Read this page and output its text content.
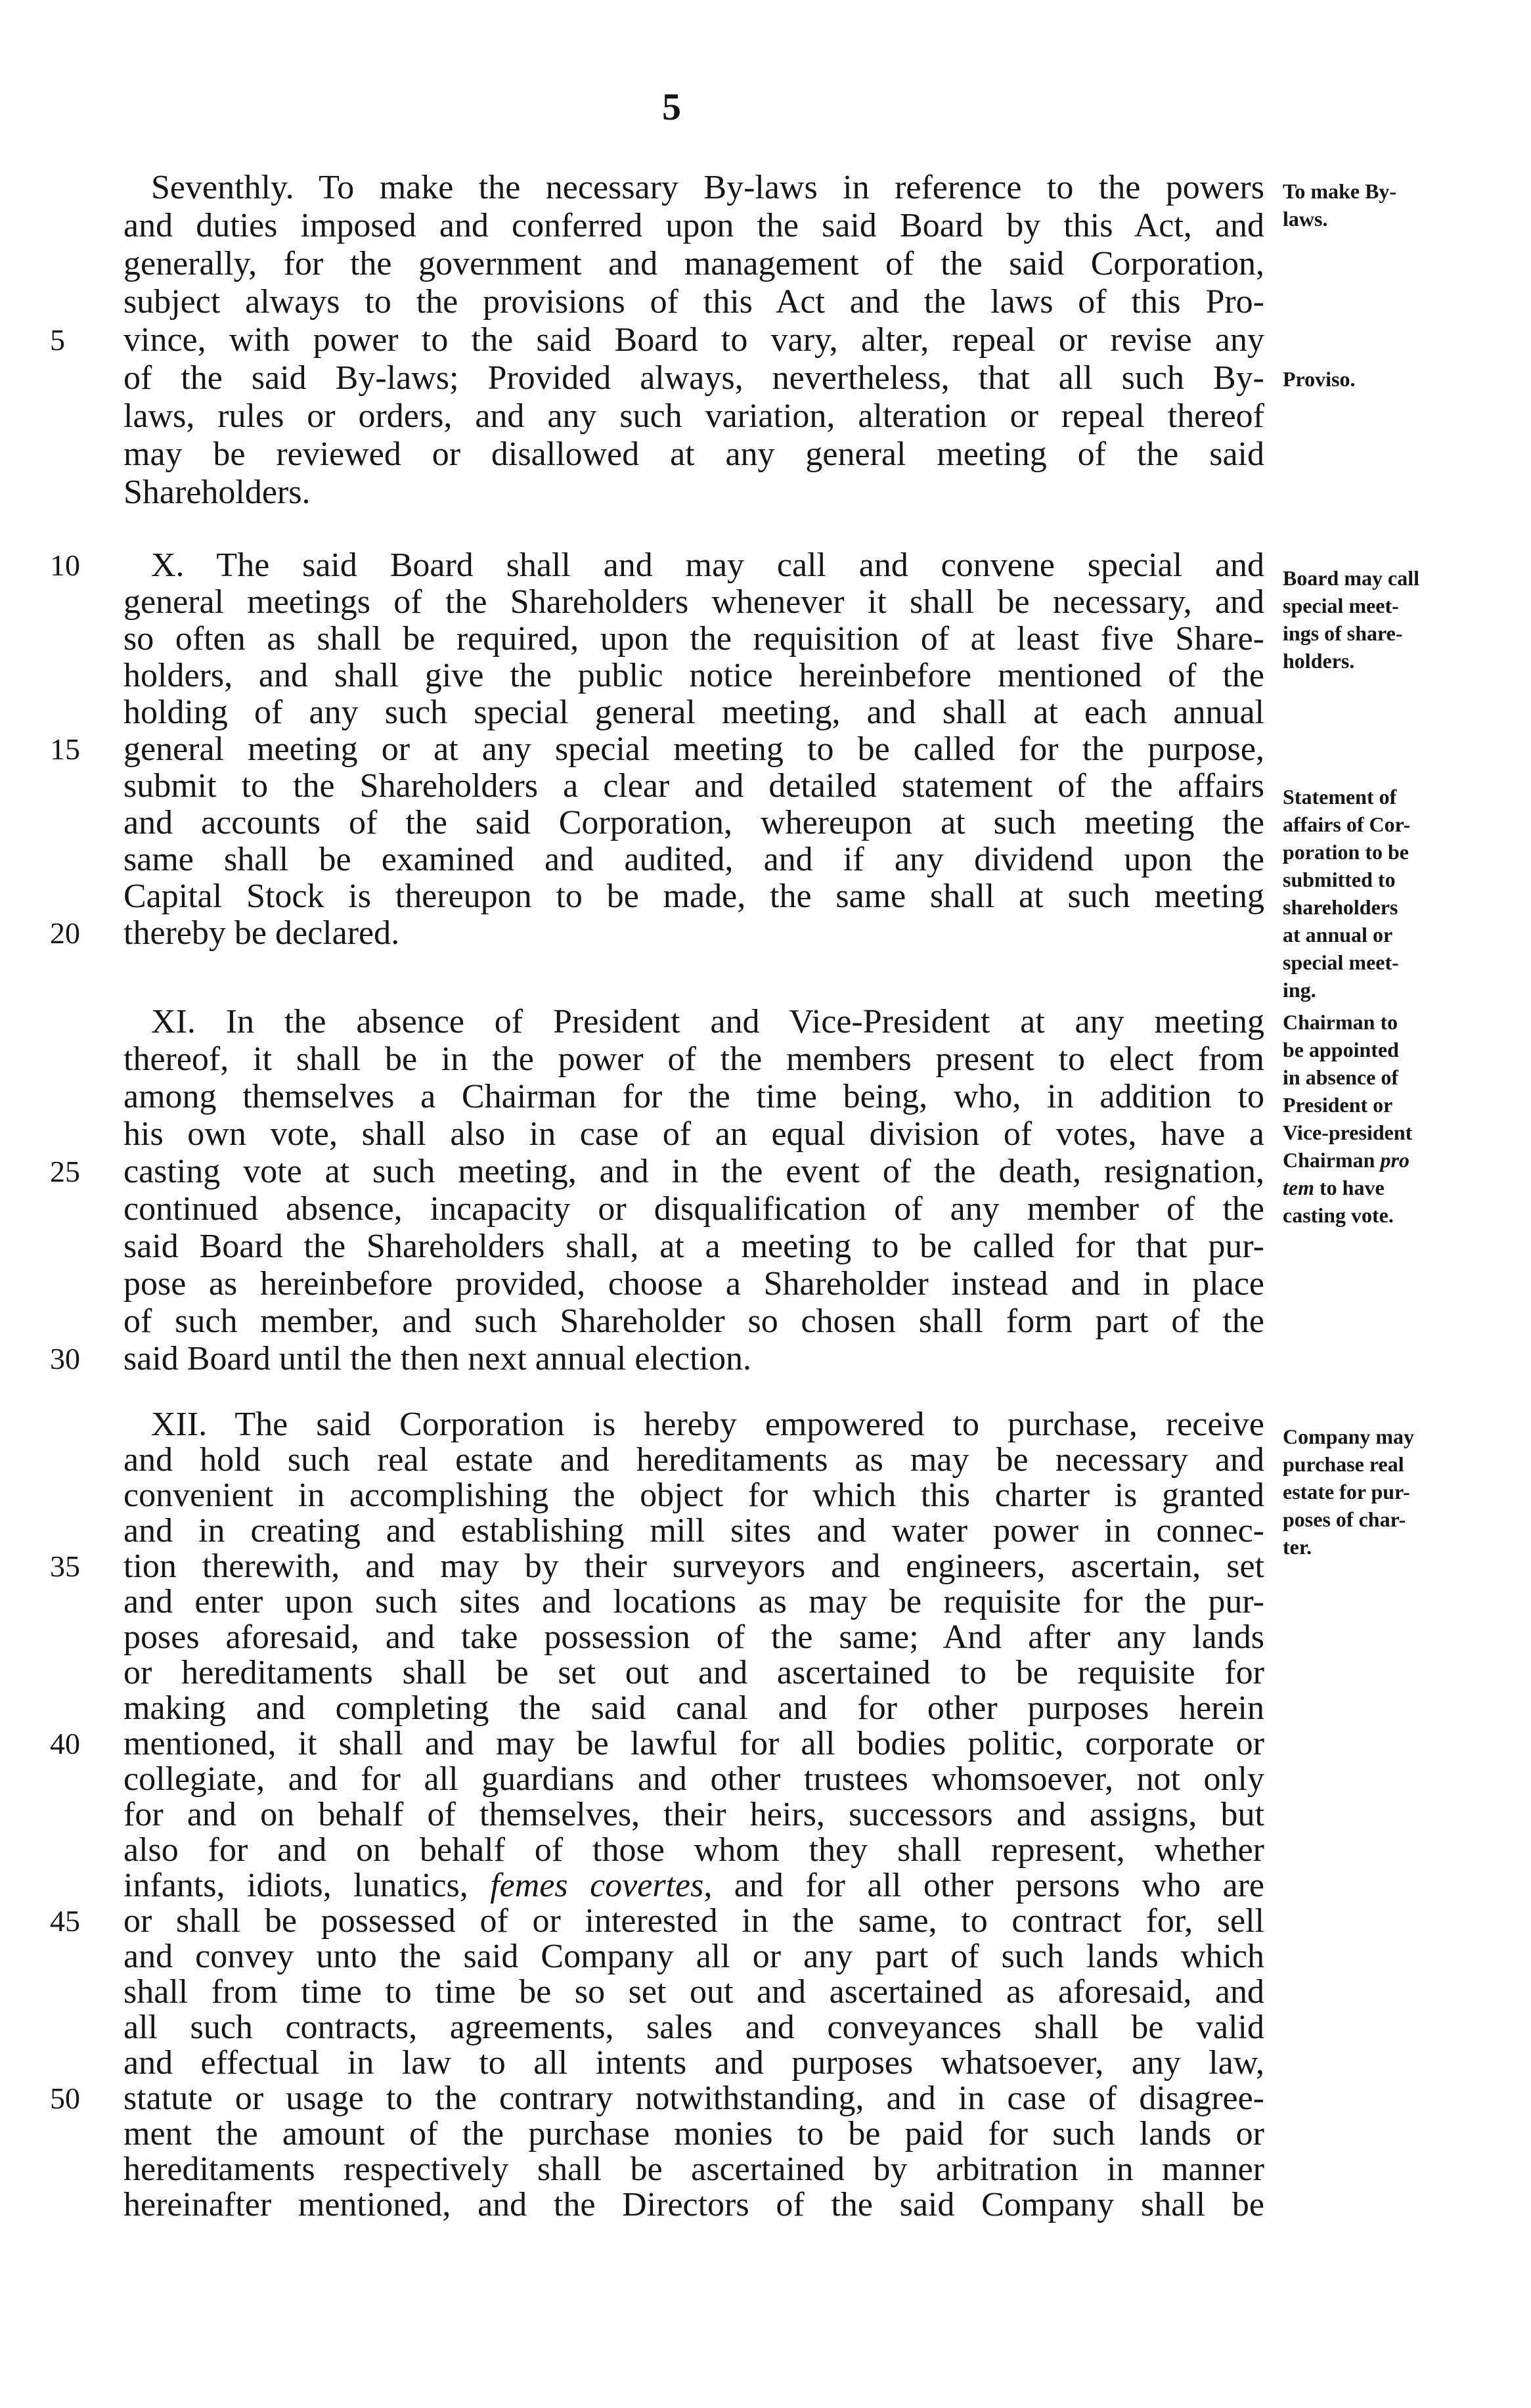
5
Seventhly. To make the necessary By-laws in reference to the powers
and duties imposed and conferred upon the said Board by this Act, and
generally, for the government and management of the said Corporation,
subject always to the provisions of this Act and the laws of this Pro-
5	vince, with power to the said Board to vary, alter, repeal or revise any
of the said By-laws; Provided always, nevertheless, that all such By-
laws, rules or orders, and any such variation, alteration or repeal thereof
may be reviewed or disallowed at any general meeting of the said
Shareholders.
10	X. The said Board shall and may call and convene special and
general meetings of the Shareholders whenever it shall be necessary, and
so often as shall be required, upon the requisition of at least five Share-
holders, and shall give the public notice hereinbefore mentioned of the
holding of any such special general meeting, and shall at each annual
15	general meeting or at any special meeting to be called for the purpose,
submit to the Shareholders a clear and detailed statement of the affairs
and accounts of the said Corporation, whereupon at such meeting the
same shall be examined and audited, and if any dividend upon the
Capital Stock is thereupon to be made, the same shall at such meeting
20	thereby be declared.
XI. In the absence of President and Vice-President at any meeting
thereof, it shall be in the power of the members present to elect from
among themselves a Chairman for the time being, who, in addition to
his own vote, shall also in case of an equal division of votes, have a
25	casting vote at such meeting, and in the event of the death, resignation,
continued absence, incapacity or disqualification of any member of the
said Board the Shareholders shall, at a meeting to be called for that pur-
pose as hereinbefore provided, choose a Shareholder instead and in place
of such member, and such Shareholder so chosen shall form part of the
30	said Board until the then next annual election.
XII. The said Corporation is hereby empowered to purchase, receive
and hold such real estate and hereditaments as may be necessary and
convenient in accomplishing the object for which this charter is granted
and in creating and establishing mill sites and water power in connec-
35	tion therewith, and may by their surveyors and engineers, ascertain, set
and enter upon such sites and locations as may be requisite for the pur-
poses aforesaid, and take possession of the same; And after any lands
or hereditaments shall be set out and ascertained to be requisite for
making and completing the said canal and for other purposes herein
40	mentioned, it shall and may be lawful for all bodies politic, corporate or
collegiate, and for all guardians and other trustees whomsoever, not only
for and on behalf of themselves, their heirs, successors and assigns, but
also for and on behalf of those whom they shall represent, whether
infants, idiots, lunatics, femes covertes, and for all other persons who are
45	or shall be possessed of or interested in the same, to contract for, sell
and convey unto the said Company all or any part of such lands which
shall from time to time be so set out and ascertained as aforesaid, and
all such contracts, agreements, sales and conveyances shall be valid
and effectual in law to all intents and purposes whatsoever, any law,
50	statute or usage to the contrary notwithstanding, and in case of disagree-
ment the amount of the purchase monies to be paid for such lands or
hereditaments respectively shall be ascertained by arbitration in manner
hereinafter mentioned, and the Directors of the said Company shall be
To make By-
laws.
Proviso.
Board may call
special meet-
ings of share-
holders.
Statement of
affairs of Cor-
poration to be
submitted to
shareholders
at annual or
special meet-
ing.
Chairman to
be appointed
in absence of
President or
Vice-president
Chairman pro
tem to have
casting vote.
Company may
purchase real
estate for pur-
poses of char-
ter.
